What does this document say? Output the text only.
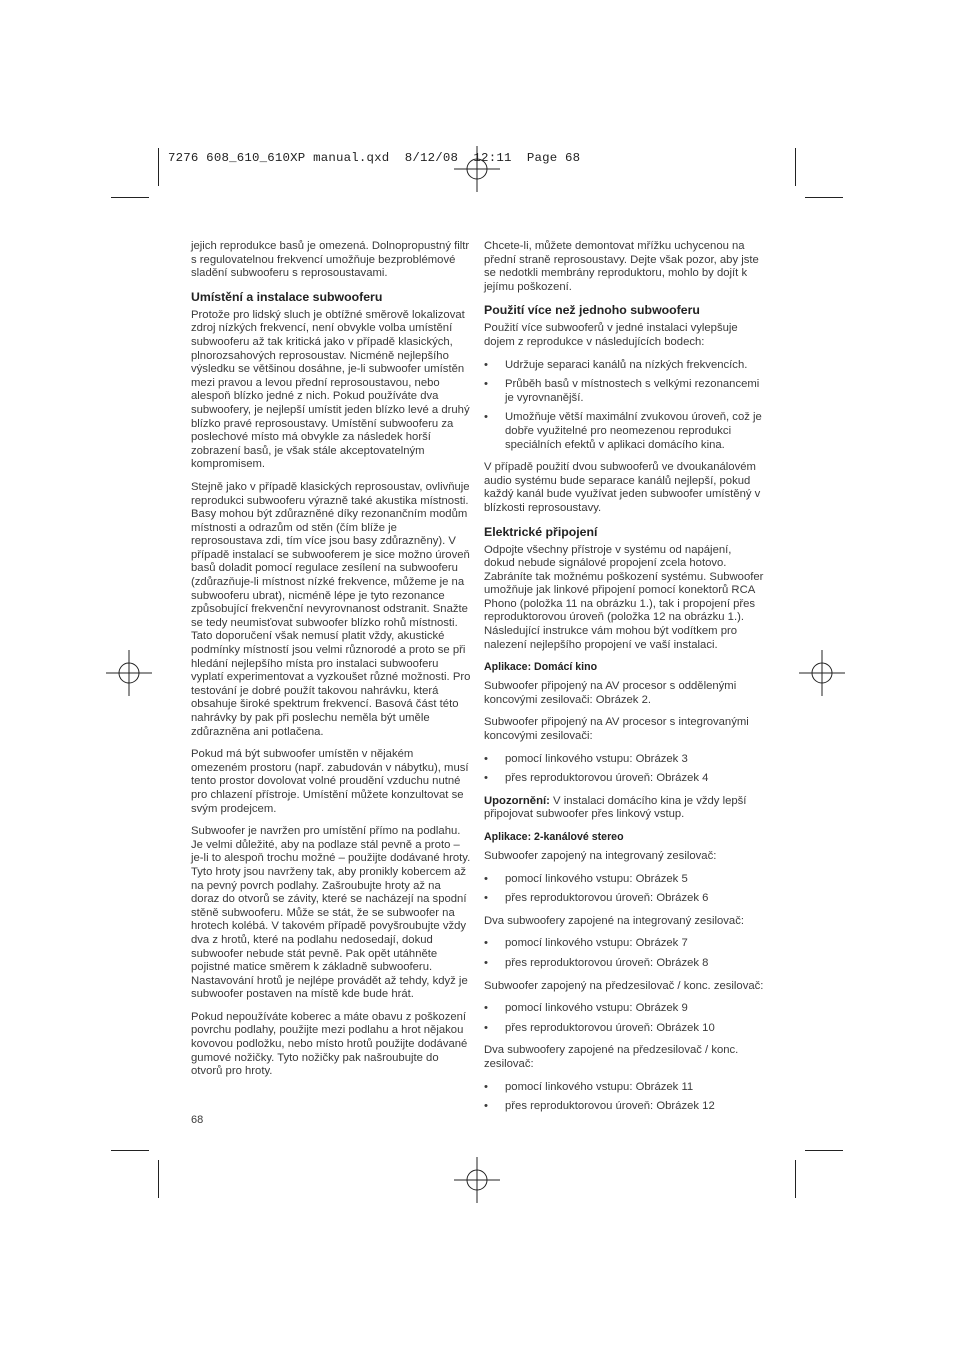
7276 608_610_610XP manual.qxd  8/12/08  12:11  Page 68

jejich reprodukce basů je omezená. Dolnopropustný filtr s regulovatelnou frekvencí umožňuje bezproblémové sladění subwooferu s reprosoustavami.

Umístění a instalace subwooferu

Protože pro lidský sluch je obtížné směrově lokalizovat zdroj nízkých frekvencí, není obvykle volba umístění subwooferu až tak kritická jako v případě klasických, plnorozsahových reprosoustav. Nicméně nejlepšího výsledku se většinou dosáhne, je-li subwoofer umístěn mezi pravou a levou přední reprosoustavou, nebo alespoň blízko jedné z nich. Pokud používáte dva subwoofery, je nejlepší umístit jeden blízko levé a druhý blízko pravé reprosoustavy. Umístění subwooferu za poslechové místo má obvykle za následek horší zobrazení basů, je však stále akceptovatelným kompromisem.

Stejně jako v případě klasických reprosoustav, ovlivňuje reprodukci subwooferu výrazně také akustika místnosti. Basy mohou být zdůrazněné díky rezonančním modům místnosti a odrazům od stěn (čím blíže je reprosoustava zdi, tím více jsou basy zdůrazněny). V případě instalací se subwooferem je sice možno úroveň basů doladit pomocí regulace zesílení na subwooferu (zdůrazňuje-li místnost nízké frekvence, můžeme je na subwooferu ubrat), nicméně lépe je tyto rezonance způsobující frekvenční nevyrovnanost odstranit. Snažte se tedy neumisťovat subwoofer blízko rohů místnosti. Tato doporučení však nemusí platit vždy, akustické podmínky místností jsou velmi různorodé a proto se při hledání nejlepšího místa pro instalaci subwooferu vyplatí experimentovat a vyzkoušet různé možnosti. Pro testování je dobré použít takovou nahrávku, která obsahuje široké spektrum frekvencí. Basová část této nahrávky by pak při poslechu neměla být uměle zdůrazněna ani potlačena.

Pokud má být subwoofer umístěn v nějakém omezeném prostoru (např. zabudován v nábytku), musí tento prostor dovolovat volné proudění vzduchu nutné pro chlazení přístroje. Umístění můžete konzultovat se svým prodejcem.

Subwoofer je navržen pro umístění přímo na podlahu. Je velmi důležité, aby na podlaze stál pevně a proto – je-li to alespoň trochu možné – použijte dodávané hroty. Tyto hroty jsou navrženy tak, aby pronikly kobercem až na pevný povrch podlahy. Zašroubujte hroty až na doraz do otvorů se závity, které se nacházejí na spodní stěně subwooferu. Může se stát, že se subwoofer na hrotech kolébá. V takovém případě povyšroubujte vždy dva z hrotů, které na podlahu nedosedají, dokud subwoofer nebude stát pevně. Pak opět utáhněte pojistné matice směrem k základně subwooferu. Nastavování hrotů je nejlépe provádět až tehdy, když je subwoofer postaven na místě kde bude hrát.

Pokud nepoužíváte koberec a máte obavu z poškození povrchu podlahy, použijte mezi podlahu a hrot nějakou kovovou podložku, nebo místo hrotů použijte dodávané gumové nožičky. Tyto nožičky pak našroubujte do otvorů pro hroty.

Chcete-li, můžete demontovat mřížku uchycenou na přední straně reprosoustavy. Dejte však pozor, aby jste se nedotkli membrány reproduktoru, mohlo by dojít k jejímu poškození.

Použití více než jednoho subwooferu

Použití více subwooferů v jedné instalaci vylepšuje dojem z reprodukce v následujících bodech:

• Udržuje separaci kanálů na nízkých frekvencích.
• Průběh basů v místnostech s velkými rezonancemi je vyrovnanější.
• Umožňuje větší maximální zvukovou úroveň, což je dobře využitelné pro neomezenou reprodukci speciálních efektů v aplikaci domácího kina.

V případě použití dvou subwooferů ve dvoukanálovém audio systému bude separace kanálů nejlepší, pokud každý kanál bude využívat jeden subwoofer umístěný v blízkosti reprosoustavy.

Elektrické připojení

Odpojte všechny přístroje v systému od napájení, dokud nebude signálové propojení zcela hotovo. Zabráníte tak možnému poškození systému. Subwoofer umožňuje jak linkové připojení pomocí konektorů RCA Phono (položka 11 na obrázku 1.), tak i propojení přes reproduktorovou úroveň (položka 12 na obrázku 1.). Následující instrukce vám mohou být vodítkem pro nalezení nejlepšího propojení ve vaší instalaci.

Aplikace: Domácí kino

Subwoofer připojený na AV procesor s oddělenými koncovými zesilovači: Obrázek 2.

Subwoofer připojený na AV procesor s integrovanými koncovými zesilovači:

• pomocí linkového vstupu: Obrázek 3
• přes reproduktorovou úroveň: Obrázek 4

Upozornění: V instalaci domácího kina je vždy lepší připojovat subwoofer přes linkový vstup.

Aplikace: 2-kanálové stereo

Subwoofer zapojený na integrovaný zesilovač:

• pomocí linkového vstupu: Obrázek 5
• přes reproduktorovou úroveň: Obrázek 6

Dva subwoofery zapojené na integrovaný zesilovač:

• pomocí linkového vstupu: Obrázek 7
• přes reproduktorovou úroveň: Obrázek 8

Subwoofer zapojený na předzesilovač / konc. zesilovač:

• pomocí linkového vstupu: Obrázek 9
• přes reproduktorovou úroveň: Obrázek 10

Dva subwoofery zapojené na předzesilovač / konc. zesilovač:

• pomocí linkového vstupu: Obrázek 11
• přes reproduktorovou úroveň: Obrázek 12
68
